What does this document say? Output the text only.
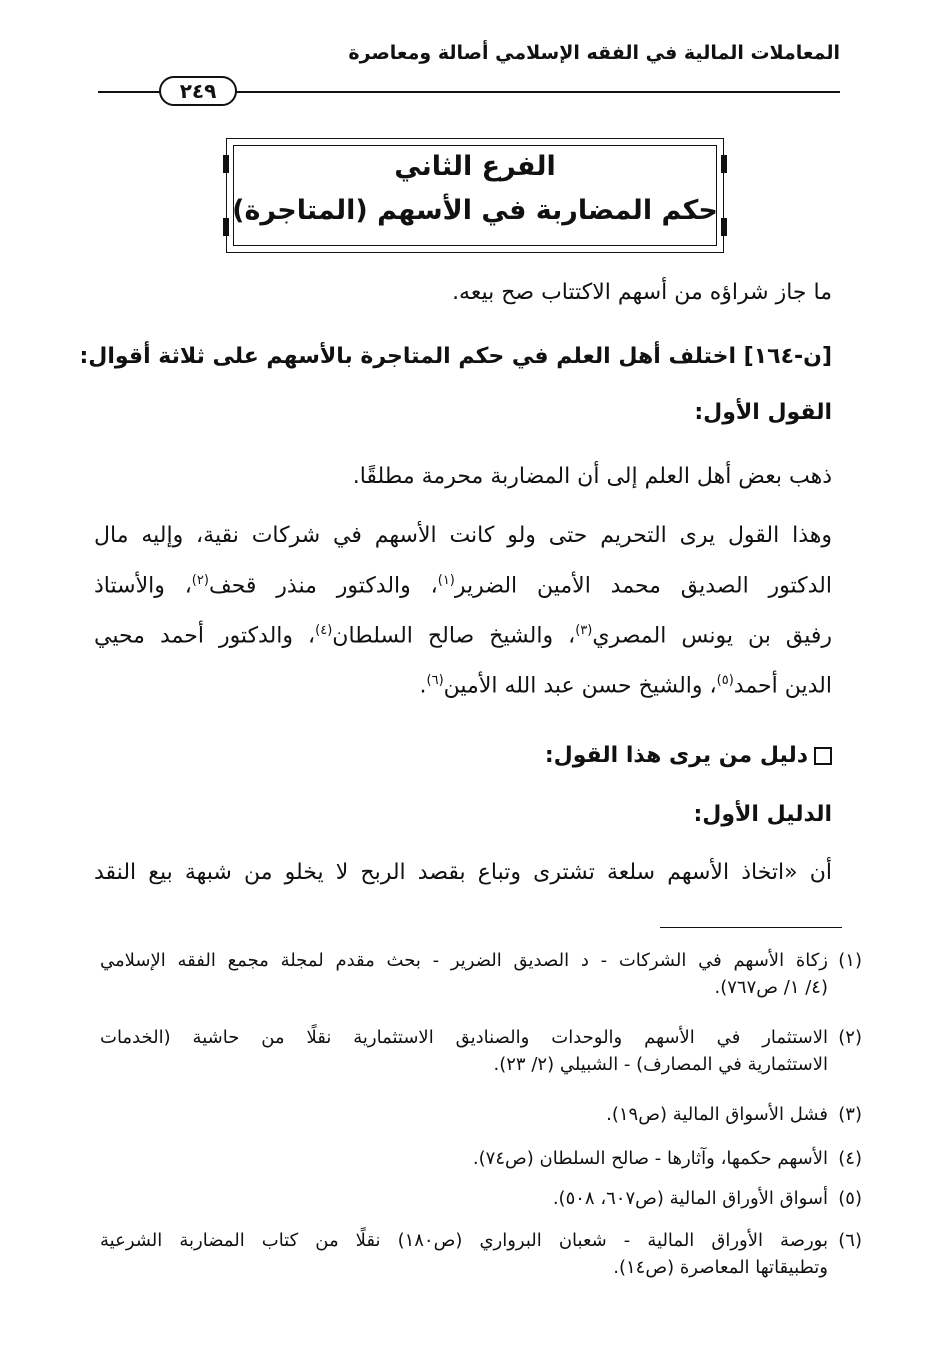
المعاملات المالية في الفقه الإسلامي أصالة ومعاصرة
٢٤٩
الفرع الثاني
حكم المضاربة في الأسهم (المتاجرة)
ما جاز شراؤه من أسهم الاكتتاب صح بيعه.
[ن-١٦٤] اختلف أهل العلم في حكم المتاجرة بالأسهم على ثلاثة أقوال:
القول الأول:
ذهب بعض أهل العلم إلى أن المضاربة محرمة مطلقًا.
وهذا القول يرى التحريم حتى ولو كانت الأسهم في شركات نقية، وإليه مال
الدكتور الصديق محمد الأمين الضرير$^{(١)}$، والدكتور منذر قحف$^{(٢)}$، والأستاذ
رفيق بن يونس المصري$^{(٣)}$، والشيخ صالح السلطان$^{(٤)}$، والدكتور أحمد محيي
الدين أحمد$^{(٥)}$، والشيخ حسن عبد الله الأمين$^{(٦)}$.
دليل من يرى هذا القول:
الدليل الأول:
أن «اتخاذ الأسهم سلعة تشترى وتباع بقصد الربح لا يخلو من شبهة بيع النقد
(١)زكاة الأسهم في الشركات - د الصديق الضرير - بحث مقدم لمجلة مجمع الفقه الإسلامي
(٤/ ١/ ص٧٦٧).
(٢)الاستثمار في الأسهم والوحدات والصناديق الاستثمارية نقلًا من حاشية (الخدمات
الاستثمارية في المصارف) - الشبيلي (٢/ ٢٣).
(٣)فشل الأسواق المالية (ص١٩).
(٤)الأسهم حكمها، وآثارها - صالح السلطان (ص٧٤).
(٥)أسواق الأوراق المالية (ص٦٠٧، ٥٠٨).
(٦)بورصة الأوراق المالية - شعبان البرواري (ص١٨٠) نقلًا من كتاب المضاربة الشرعية
وتطبيقاتها المعاصرة (ص١٤).
